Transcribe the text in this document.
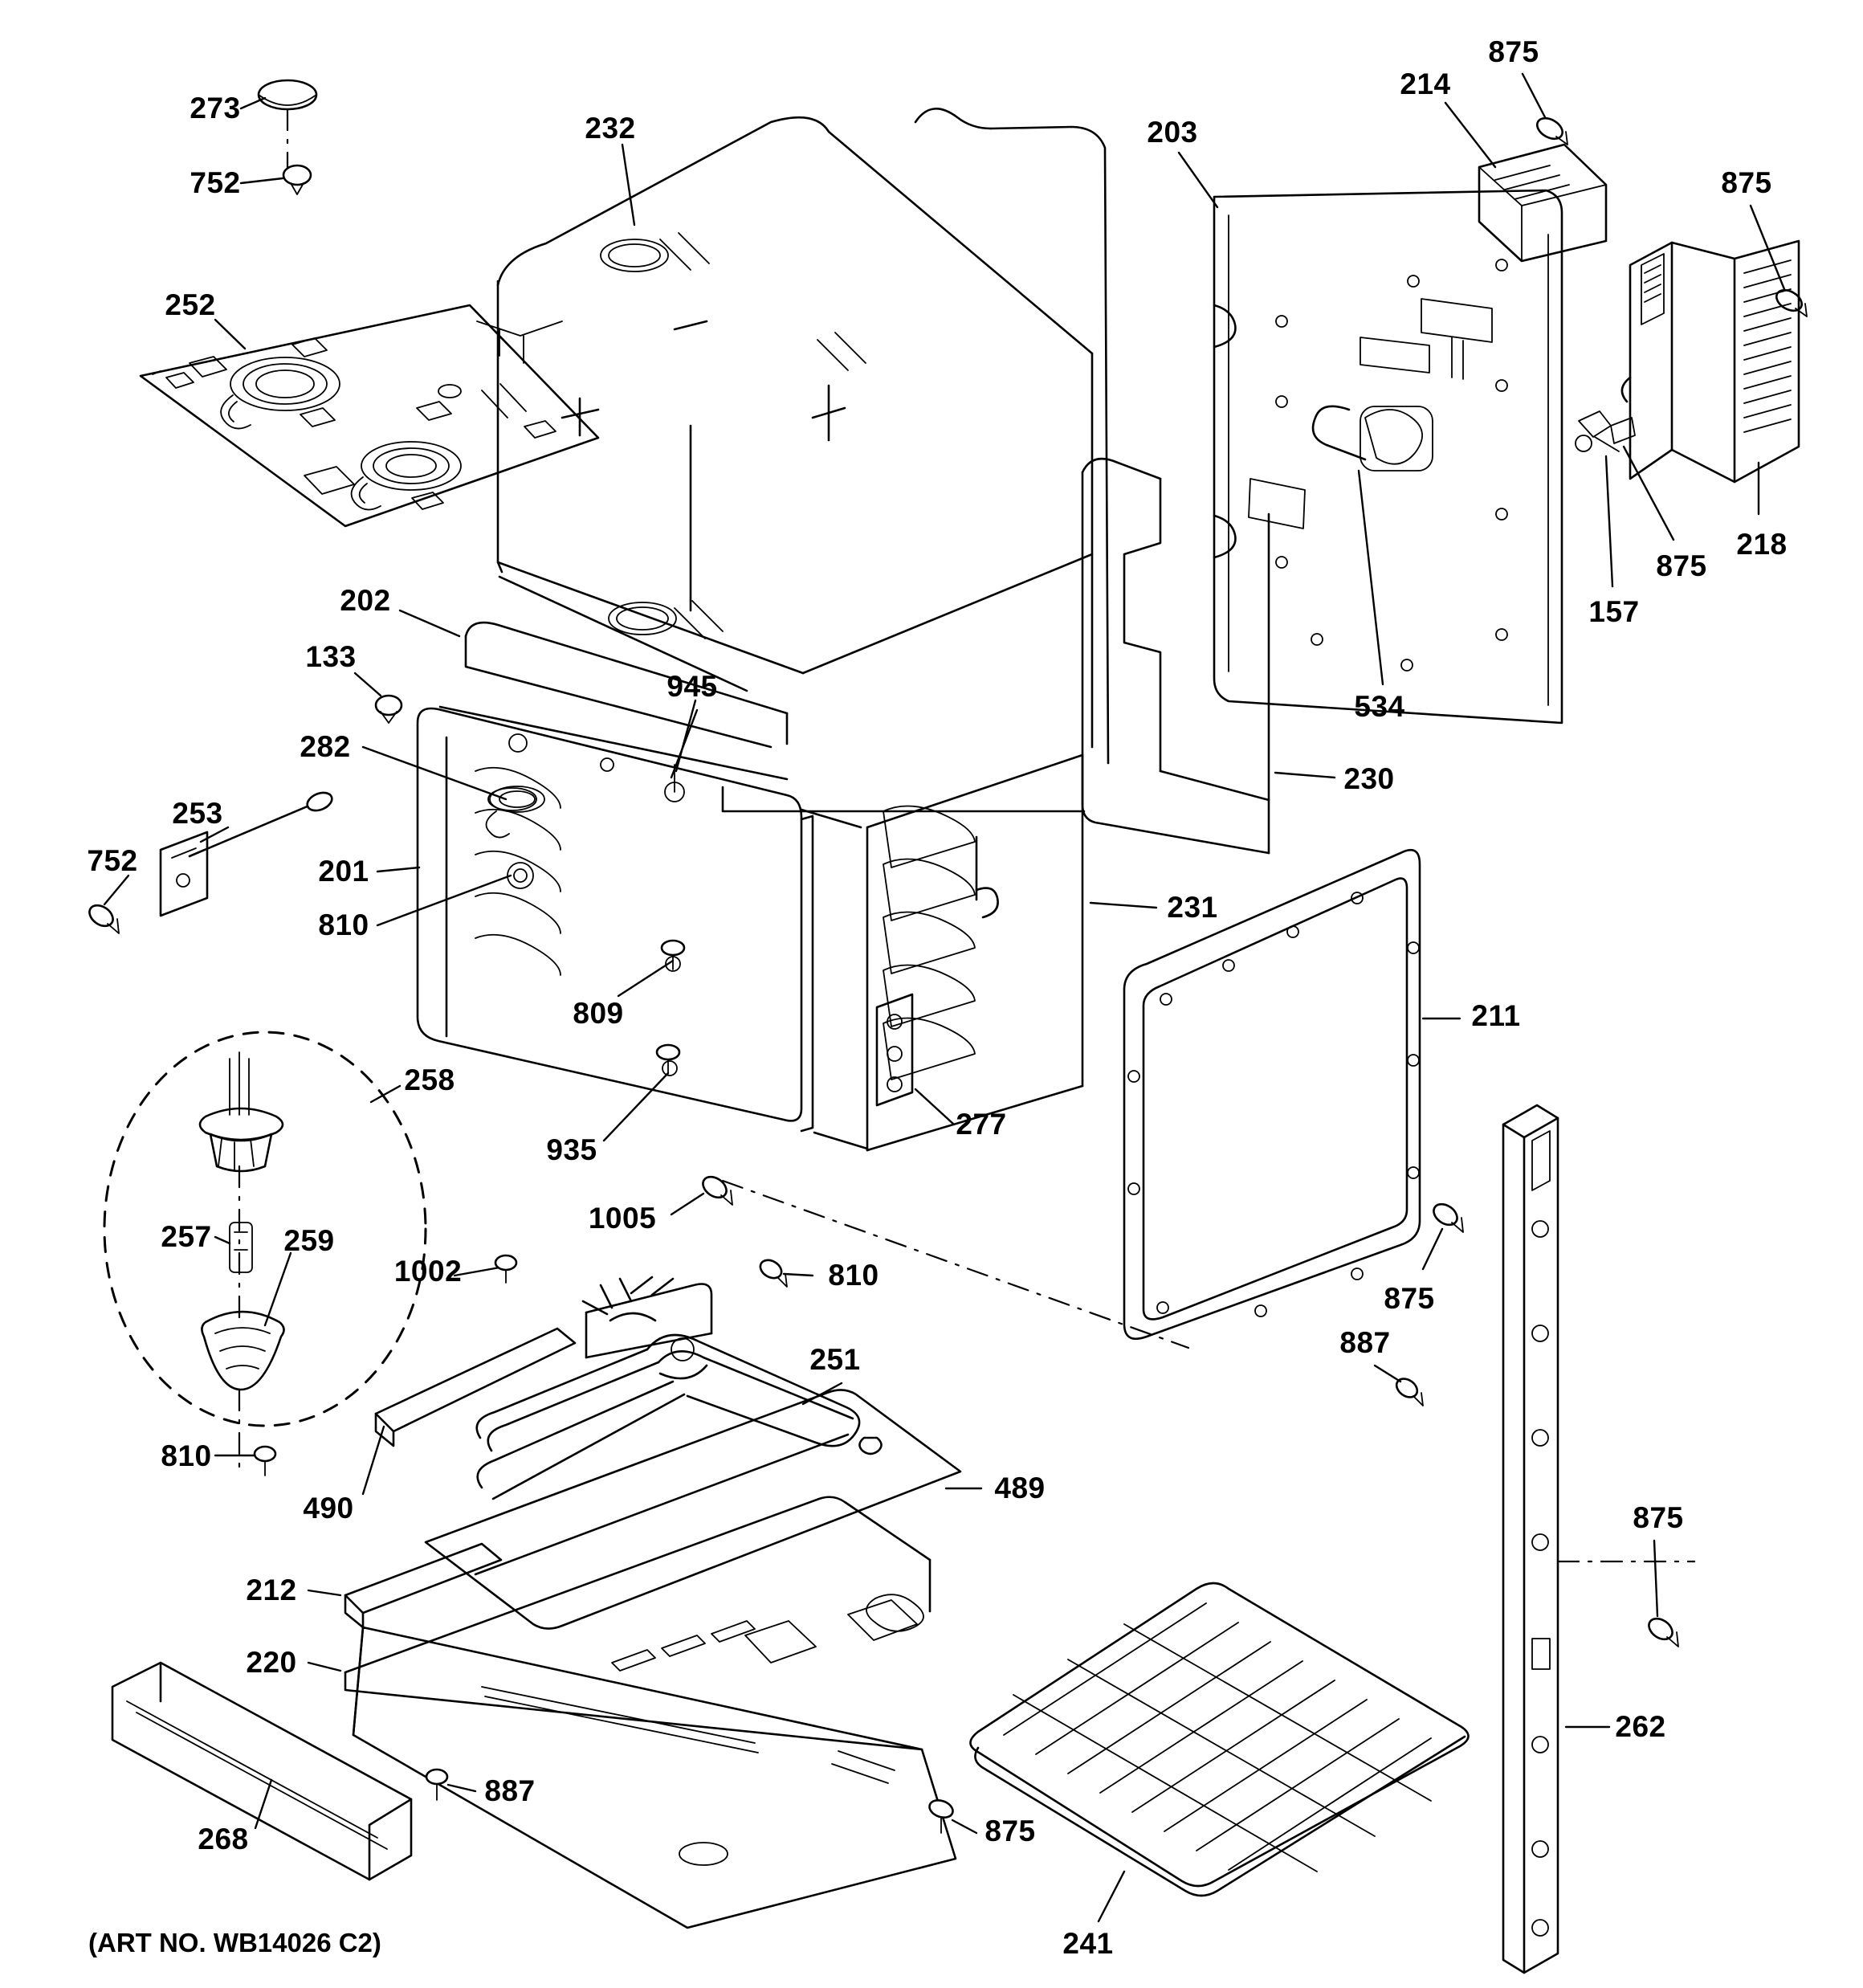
273
752
232	203
214
875
875
252
218
875
157
534
202
133
945
282
253
752	201
810
230
231
809
935
277
211
258
257 259
1005
875
887
810
1002	810
251
490
489
875
212
220
262
887
875
268
241
(ART NO. WB14026 C2)
